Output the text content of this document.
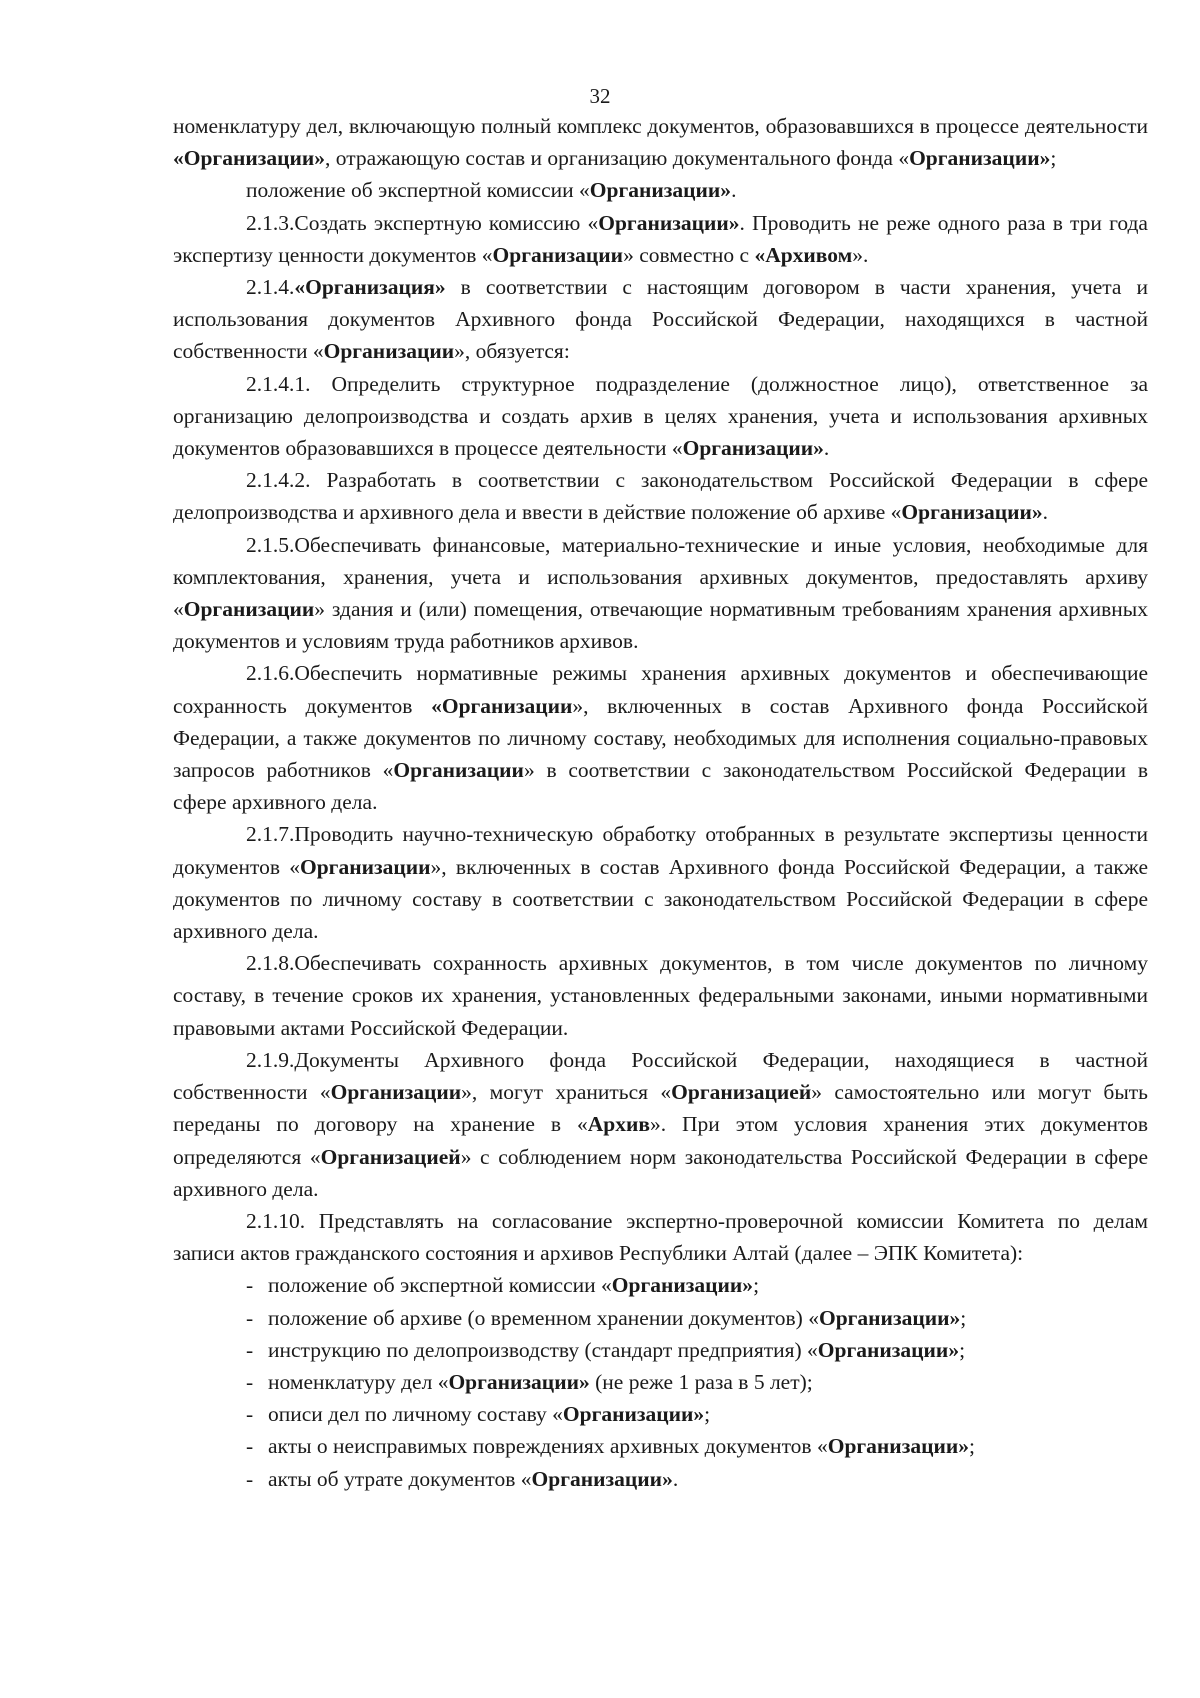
32

номенклатуру дел, включающую полный комплекс документов, образовавшихся в процессе деятельности «Организации», отражающую состав и организацию документального фонда «Организации»;

положение об экспертной комиссии «Организации».

2.1.3.Создать экспертную комиссию «Организации». Проводить не реже одного раза в три года экспертизу ценности документов «Организации» совместно с «Архивом».

2.1.4.«Организация» в соответствии с настоящим договором в части хранения, учета и использования документов Архивного фонда Российской Федерации, находящихся в частной собственности «Организации», обязуется:

2.1.4.1. Определить структурное подразделение (должностное лицо), ответственное за организацию делопроизводства и создать архив в целях хранения, учета и использования архивных документов образовавшихся в процессе деятельности «Организации».

2.1.4.2. Разработать в соответствии с законодательством Российской Федерации в сфере делопроизводства и архивного дела и ввести в действие положение об архиве «Организации».

2.1.5.Обеспечивать финансовые, материально-технические и иные условия, необходимые для комплектования, хранения, учета и использования архивных документов, предоставлять архиву «Организации» здания и (или) помещения, отвечающие нормативным требованиям хранения архивных документов и условиям труда работников архивов.

2.1.6.Обеспечить нормативные режимы хранения архивных документов и обеспечивающие сохранность документов «Организации», включенных в состав Архивного фонда Российской Федерации, а также документов по личному составу, необходимых для исполнения социально-правовых запросов работников «Организации» в соответствии с законодательством Российской Федерации в сфере архивного дела.

2.1.7.Проводить научно-техническую обработку отобранных в результате экспертизы ценности документов «Организации», включенных в состав Архивного фонда Российской Федерации, а также документов по личному составу в соответствии с законодательством Российской Федерации в сфере архивного дела.

2.1.8.Обеспечивать сохранность архивных документов, в том числе документов по личному составу, в течение сроков их хранения, установленных федеральными законами, иными нормативными правовыми актами Российской Федерации.

2.1.9.Документы Архивного фонда Российской Федерации, находящиеся в частной собственности «Организации», могут храниться «Организацией» самостоятельно или могут быть переданы по договору на хранение в «Архив». При этом условия хранения этих документов определяются «Организацией» с соблюдением норм законодательства Российской Федерации в сфере архивного дела.

2.1.10. Представлять на согласование экспертно-проверочной комиссии Комитета по делам записи актов гражданского состояния и архивов Республики Алтай (далее – ЭПК Комитета):

- положение об экспертной комиссии «Организации»;
- положение об архиве (о временном хранении документов) «Организации»;
- инструкцию по делопроизводству (стандарт предприятия) «Организации»;
- номенклатуру дел «Организации» (не реже 1 раза в 5 лет);
- описи дел по личному составу «Организации»;
- акты о неисправимых повреждениях архивных документов «Организации»;
- акты об утрате документов «Организации».
